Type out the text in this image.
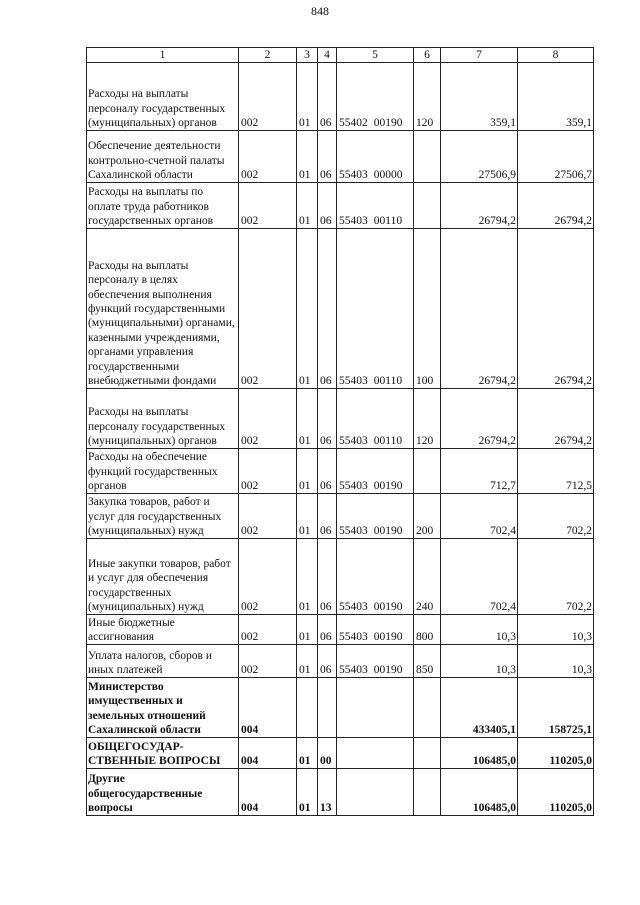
848
1	2	3	4	5	6	7	8
Расходы на выплаты персоналу государственных (муниципальных) органов	002	01	06	55402 00190	120	359,1	359,1
Обеспечение деятельности контрольно-счетной палаты Сахалинской области	002	01	06	55403 00000		27506,9	27506,7
Расходы на выплаты по оплате труда работников государственных органов	002	01	06	55403 00110		26794,2	26794,2
Расходы на выплаты персоналу в целях обеспечения выполнения функций государственными (муниципальными) органами, казенными учреждениями, органами управления государственными внебюджетными фондами	002	01	06	55403 00110	100	26794,2	26794,2
Расходы на выплаты персоналу государственных (муниципальных) органов	002	01	06	55403 00110	120	26794,2	26794,2
Расходы на обеспечение функций государственных органов	002	01	06	55403 00190		712,7	712,5
Закупка товаров, работ и услуг для государственных (муниципальных) нужд	002	01	06	55403 00190	200	702,4	702,2
Иные закупки товаров, работ и услуг для обеспечения государственных (муниципальных) нужд	002	01	06	55403 00190	240	702,4	702,2
Иные бюджетные ассигнования	002	01	06	55403 00190	800	10,3	10,3
Уплата налогов, сборов и иных платежей	002	01	06	55403 00190	850	10,3	10,3
Министерство имущественных и земельных отношений Сахалинской области	004					433405,1	158725,1
ОБЩЕГОСУДАР-СТВЕННЫЕ ВОПРОСЫ	004	01	00			106485,0	110205,0
Другие общегосударственные вопросы	004	01	13			106485,0	110205,0
